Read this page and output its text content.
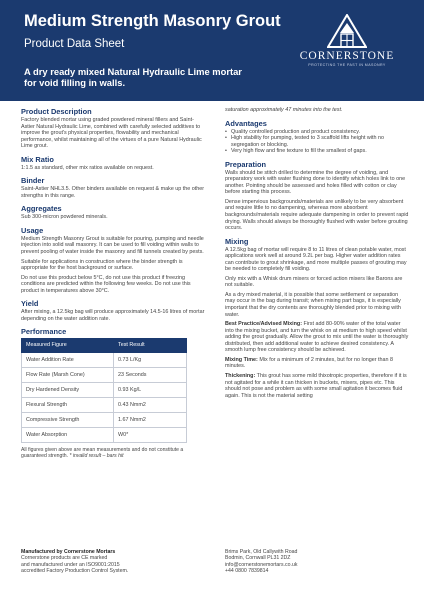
Medium Strength Masonry Grout
Product Data Sheet
A dry ready mixed Natural Hydraulic Lime mortar for void filling in walls.
CORNERSTONE
PROTECTING THE PAST IN MASONRY
Product Description

Factory blended mortar using graded powdered mineral fillers and Saint-Astier Natural Hydraulic Lime, combined with carefully selected additives to improve the grout's physical properties, flowability and mechanical performance, whilst maintaining all of the virtues of a pure Natural Hydraulic Lime grout.

Mix Ratio

1:1.5 as standard, other mix ratios available on request.

Binder

Saint-Astier NHL3.5. Other binders available on request & make up the other strengths in this range.

Aggregates

Sub 300-micron powdered minerals.

Usage

Medium Strength Masonry Grout is suitable for pouring, pumping and needle injection into solid wall masonry. It can be used to fill voiding within walls to prevent pooling of water inside the masonry and fill tunnels created by pests.

Suitable for applications in construction where the binder strength is appropriate for the host background or surface.

Do not use this product below 5°C, do not use this product if freezing conditions are predicted within the following few weeks. Do not use this product in temperatures above 30°C.

Yield

After mixing, a 12.5kg bag will produce approximately 14.5-16 litres of mortar depending on the water addition rate.

Performance
Measured Figure	Test Result
Water Addition Rate	0.73 L/Kg
Flow Rate (Marsh Cone)	23 Seconds
Dry Hardened Density	0.93 Kg/L
Flexural Strength	0.43 Nmm2
Compressive Strength	1.67 Nmm2
Water Absorption	W0*

All figures given above are mean measurements and do not constitute a guaranteed strength. * invalid result – bars hit

saturation approximately 47 minutes into the test.

Advantages
• Quality controlled production and product consistency.
• High stability for pumping, tested to 3 scaffold lifts height with no segregation or blocking.
• Very high flow and fine texture to fill the smallest of gaps.
Preparation

Walls should be stitch drilled to determine the degree of voiding, and preparatory work with water flushing done to identify which holes link to one another. Pointing should be assessed and holes filled with cotton or clay before starting this process.

Dense impervious backgrounds/materials are unlikely to be very absorbent and require little to no dampening, whereas more absorbent backgrounds/materials require adequate dampening in order to prevent rapid drying. Walls should always be thoroughly flushed with water before grouting occurs.

Mixing

A 12.5kg bag of mortar will require 8 to 11 litres of clean potable water, most applications work well at around 9.2L per bag. Higher water addition rates can contribute to grout shrinkage, and more multiple passes of grouting may be needed to completely fill voiding.

Only mix with a Whisk drum mixers or forced action mixers like Barons are not suitable.

As a dry mixed material, it is possible that some settlement or separation may occur in the bag during transit; when mixing part bags, it is especially important that the dry contents are thoroughly blended prior to mixing with water.

Best Practice/Advised Mixing: First add 80-90% water of the total water into the mixing bucket, and turn the whisk on at medium to high speed whilst adding the grout gradually. Allow the grout to mix until the water is thoroughly distributed, then add additional water to achieve desired consistency. A smooth lump free consistency should be achieved.

Mixing Time: Mix for a minimum of 2 minutes, but for no longer than 8 minutes.

Thickening: This grout has some mild thixotropic properties, therefore if it is not agitated for a while it can thicken in buckets, mixers, pipes etc. This should not pose and problem as with some small agitation it becomes fluid again. This is not the material setting

Manufactured by Cornerstone Mortars
Cornerstone products are CE marked
and manufactured under an ISO9001:2015
accredited Factory Production Control System.
Brims Park, Old Callywith Road
Bodmin, Cornwall PL31 2DZ
info@cornerstonemortars.co.uk
+44 0800 7839814
